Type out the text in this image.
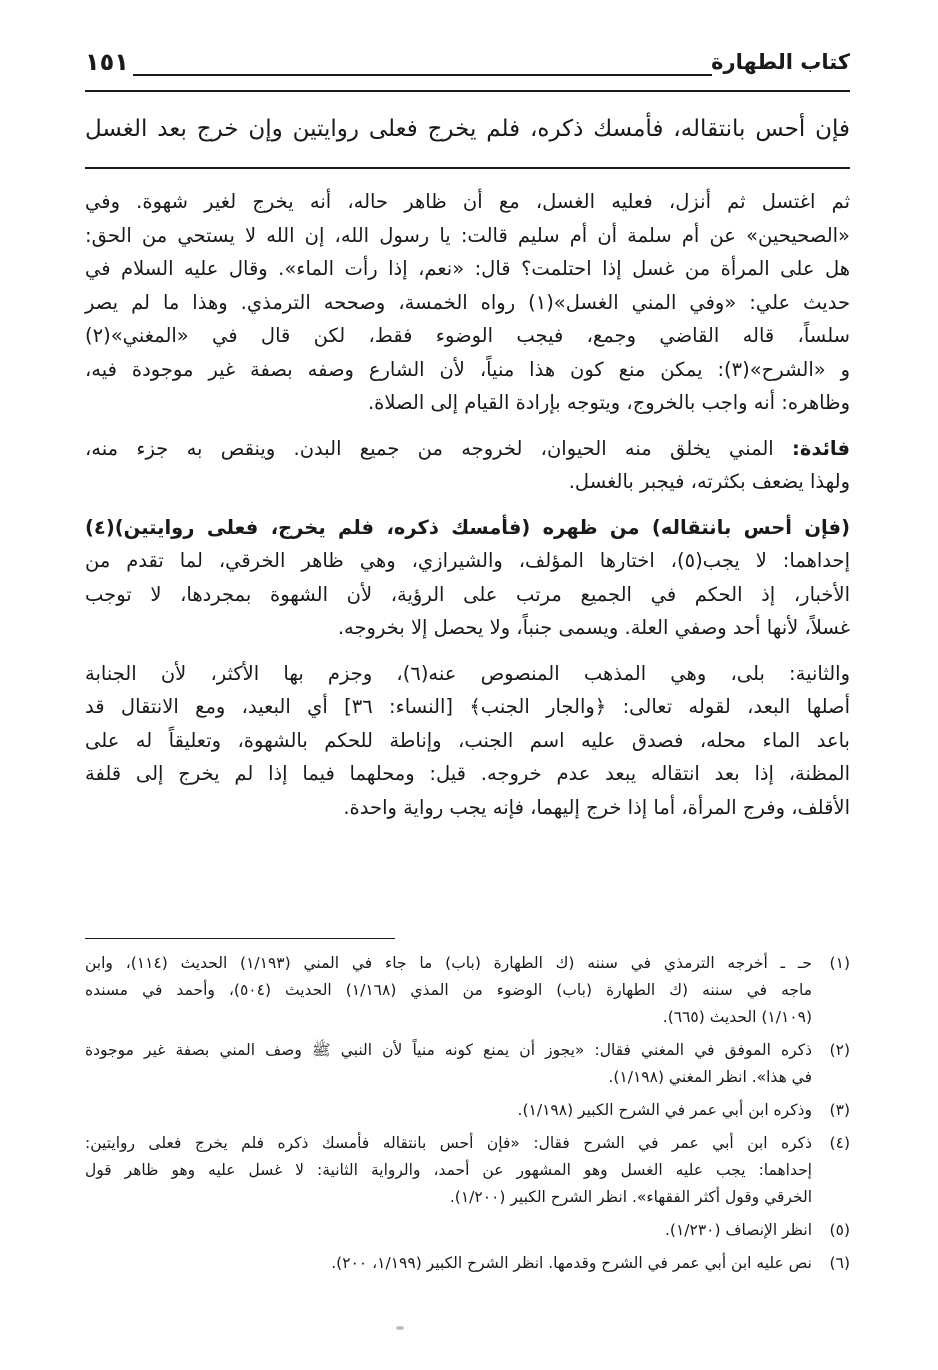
كتاب الطهارة
١٥١
فإن أحس بانتقاله، فأمسك ذكره، فلم يخرج فعلى روايتين وإن خرج بعد الغسل

ثم اغتسل ثم أنزل، فعليه الغسل، مع أن ظاهر حاله، أنه يخرج لغير شهوة. وفي
«الصحيحين» عن أم سلمة أن أم سليم قالت: يا رسول الله، إن الله لا يستحي من الحق:
هل على المرأة من غسل إذا احتلمت؟ قال: «نعم، إذا رأت الماء». وقال عليه السلام في
حديث علي: «وفي المني الغسل»(١) رواه الخمسة، وصححه الترمذي. وهذا ما لم يصر
سلساً، قاله القاضي وجمع، فيجب الوضوء فقط، لكن قال في «المغني»(٢)
و «الشرح»(٣): يمكن منع كون هذا منياً، لأن الشارع وصفه بصفة غير موجودة فيه،
وظاهره: أنه واجب بالخروج، ويتوجه بإرادة القيام إلى الصلاة.

فائدة: المني يخلق منه الحيوان، لخروجه من جميع البدن. وينقص به جزء منه،
ولهذا يضعف بكثرته، فيجبر بالغسل.

(فإن أحس بانتقاله) من ظهره (فأمسك ذكره، فلم يخرج، فعلى روايتين)(٤)
إحداهما: لا يجب(٥)، اختارها المؤلف، والشيرازي، وهي ظاهر الخرقي، لما تقدم من
الأخبار، إذ الحكم في الجميع مرتب على الرؤية، لأن الشهوة بمجردها، لا توجب
غسلاً، لأنها أحد وصفي العلة. ويسمى جنباً، ولا يحصل إلا بخروجه.

والثانية: بلى، وهي المذهب المنصوص عنه(٦)، وجزم بها الأكثر، لأن الجنابة
أصلها البعد، لقوله تعالى: ﴿والجار الجنب﴾ [النساء: ٣٦] أي البعيد، ومع الانتقال قد
باعد الماء محله، فصدق عليه اسم الجنب، وإناطة للحكم بالشهوة، وتعليقاً له على
المظنة، إذا بعد انتقاله يبعد عدم خروجه. قيل: ومحلهما فيما إذا لم يخرج إلى قلفة
الأقلف، وفرج المرأة، أما إذا خرج إليهما، فإنه يجب رواية واحدة.

(١)
حـ ـ أخرجه الترمذي في سننه (ك الطهارة (باب) ما جاء في المني (١/١٩٣) الحديث (١١٤)، وابن
ماجه في سننه (ك الطهارة (باب) الوضوء من المذي (١/١٦٨) الحديث (٥٠٤)، وأحمد في مسنده
(١/١٠٩) الحديث (٦٦٥).
(٢)
ذكره الموفق في المغني فقال: «يجوز أن يمنع كونه منياً لأن النبي ﷺ وصف المني بصفة غير موجودة
في هذا». انظر المغني (١/١٩٨).
(٣)
وذكره ابن أبي عمر في الشرح الكبير (١/١٩٨).
(٤)
ذكره ابن أبي عمر في الشرح فقال: «فإن أحس بانتقاله فأمسك ذكره فلم يخرج فعلى روايتين:
إحداهما: يجب عليه الغسل وهو المشهور عن أحمد، والرواية الثانية: لا غسل عليه وهو ظاهر قول
الخرقي وقول أكثر الفقهاء». انظر الشرح الكبير (١/٢٠٠).
(٥)
انظر الإنصاف (١/٢٣٠).
(٦)
نص عليه ابن أبي عمر في الشرح وقدمها. انظر الشرح الكبير (١/١٩٩، ٢٠٠).
